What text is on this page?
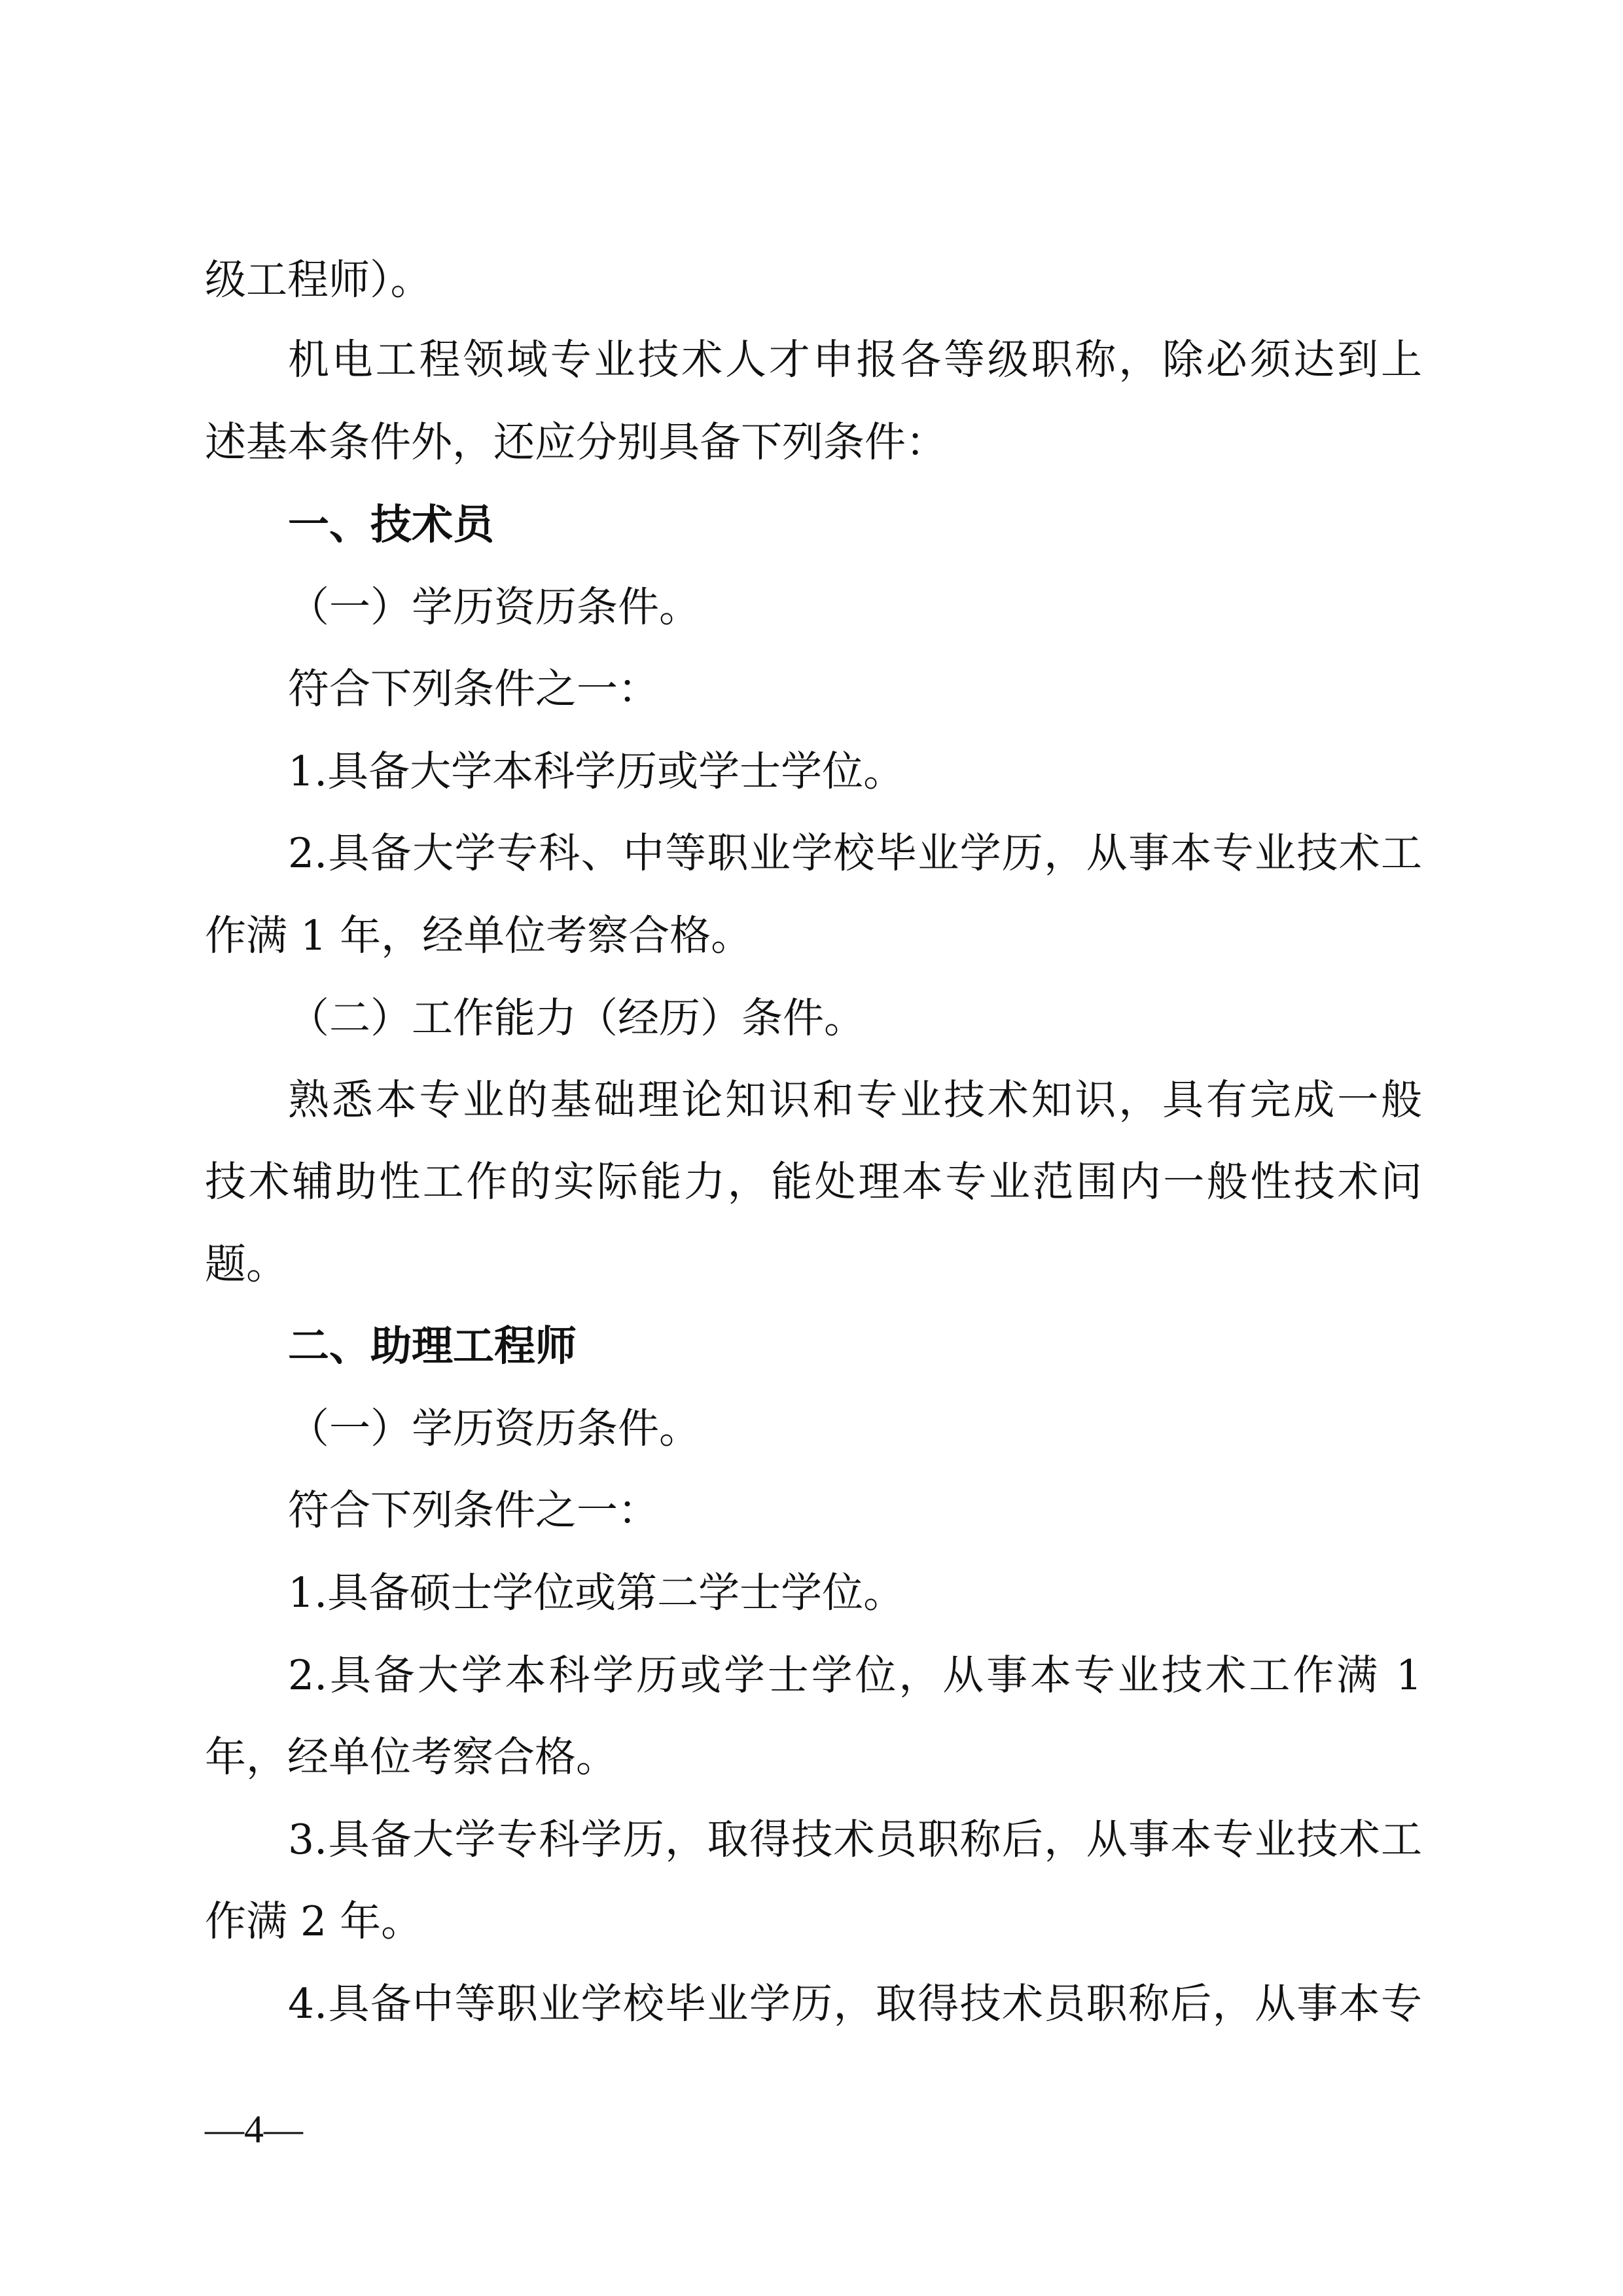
级工程师）。

机电工程领域专业技术人才申报各等级职称，除必须达到上

述基本条件外，还应分别具备下列条件：

一、技术员

（一）学历资历条件。

符合下列条件之一：

1.具备大学本科学历或学士学位。

2.具备大学专科、中等职业学校毕业学历，从事本专业技术工

作满 1 年，经单位考察合格。

（二）工作能力（经历）条件。

熟悉本专业的基础理论知识和专业技术知识，具有完成一般

技术辅助性工作的实际能力，能处理本专业范围内一般性技术问

题。

二、助理工程师

（一）学历资历条件。

符合下列条件之一：

1.具备硕士学位或第二学士学位。

2.具备大学本科学历或学士学位，从事本专业技术工作满 1

年，经单位考察合格。

3.具备大学专科学历，取得技术员职称后，从事本专业技术工

作满 2 年。

4.具备中等职业学校毕业学历，取得技术员职称后，从事本专

—4—
